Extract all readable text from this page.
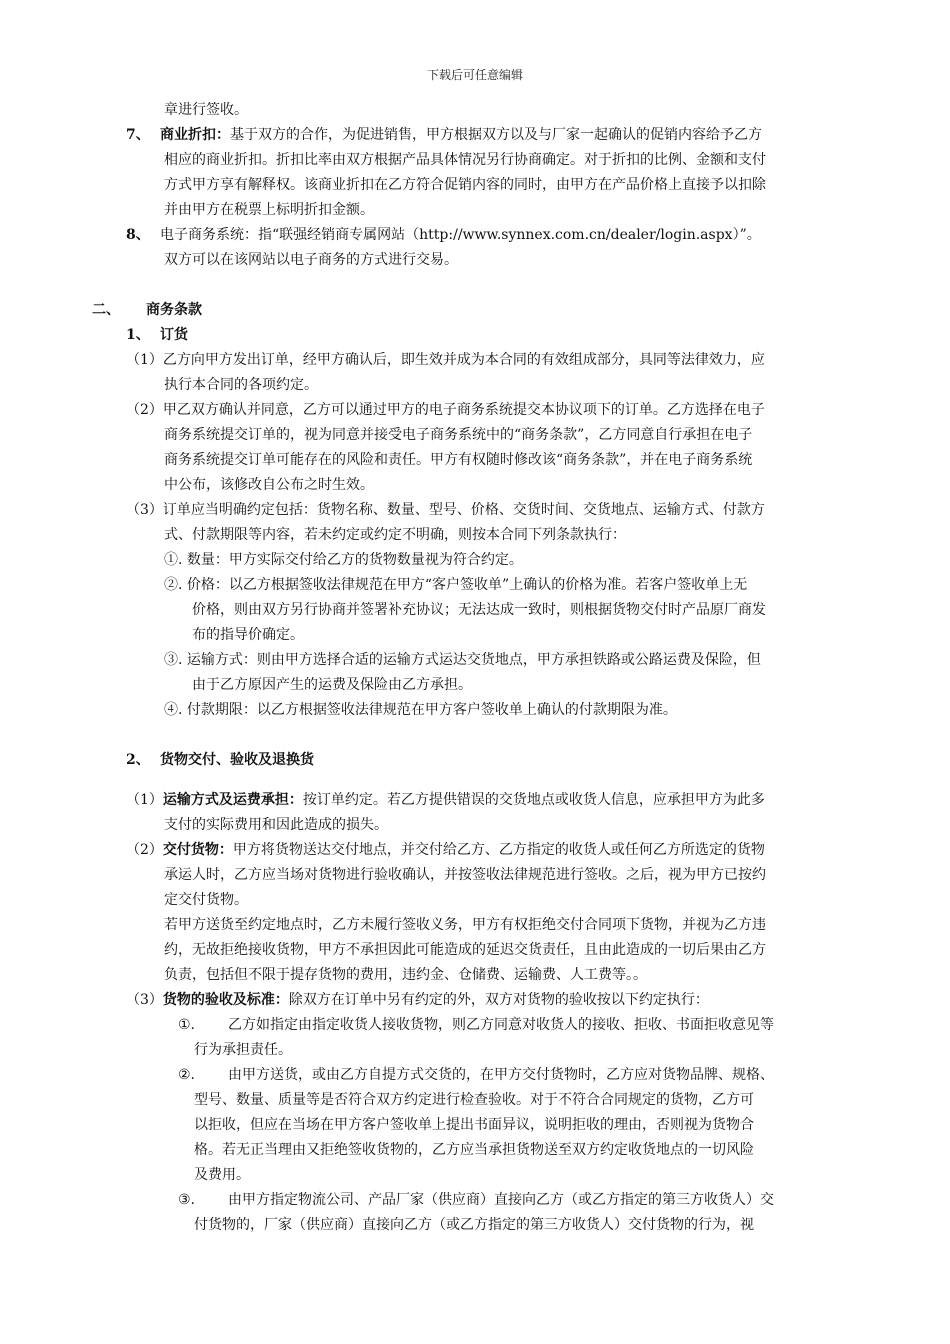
下载后可任意编辑
章进行签收。
7、 商业折扣：基于双方的合作，为促进销售，甲方根据双方以及与厂家一起确认的促销内容给予乙方
相应的商业折扣。折扣比率由双方根据产品具体情况另行协商确定。对于折扣的比例、金额和支付
方式甲方享有解释权。该商业折扣在乙方符合促销内容的同时，由甲方在产品价格上直接予以扣除
并由甲方在税票上标明折扣金额。
8、 电子商务系统：指“联强经销商专属网站（http://www.synnex.com.cn/dealer/login.aspx）”。
双方可以在该网站以电子商务的方式进行交易。
二、 商务条款
1、 订货
（1）乙方向甲方发出订单，经甲方确认后，即生效并成为本合同的有效组成部分，具同等法律效力，应
执行本合同的各项约定。
（2）甲乙双方确认并同意，乙方可以通过甲方的电子商务系统提交本协议项下的订单。乙方选择在电子
商务系统提交订单的，视为同意并接受电子商务系统中的“商务条款”，乙方同意自行承担在电子
商务系统提交订单可能存在的风险和责任。甲方有权随时修改该“商务条款”，并在电子商务系统
中公布，该修改自公布之时生效。
（3）订单应当明确约定包括：货物名称、数量、型号、价格、交货时间、交货地点、运输方式、付款方
式、付款期限等内容，若未约定或约定不明确，则按本合同下列条款执行：
①. 数量：甲方实际交付给乙方的货物数量视为符合约定。
②. 价格：以乙方根据签收法律规范在甲方“客户签收单”上确认的价格为准。若客户签收单上无
价格，则由双方另行协商并签署补充协议；无法达成一致时，则根据货物交付时产品原厂商发
布的指导价确定。
③. 运输方式：则由甲方选择合适的运输方式运达交货地点，甲方承担铁路或公路运费及保险，但
由于乙方原因产生的运费及保险由乙方承担。
④. 付款期限：以乙方根据签收法律规范在甲方客户签收单上确认的付款期限为准。
2、 货物交付、验收及退换货
（1）运输方式及运费承担：按订单约定。若乙方提供错误的交货地点或收货人信息，应承担甲方为此多
支付的实际费用和因此造成的损失。
（2）交付货物：甲方将货物送达交付地点，并交付给乙方、乙方指定的收货人或任何乙方所选定的货物
承运人时，乙方应当场对货物进行验收确认，并按签收法律规范进行签收。之后，视为甲方已按约
定交付货物。
若甲方送货至约定地点时，乙方未履行签收义务，甲方有权拒绝交付合同项下货物，并视为乙方违
约，无故拒绝接收货物，甲方不承担因此可能造成的延迟交货责任，且由此造成的一切后果由乙方
负责，包括但不限于提存货物的费用，违约金、仓储费、运输费、人工费等。。
（3）货物的验收及标准：除双方在订单中另有约定的外，双方对货物的验收按以下约定执行：
①. 乙方如指定由指定收货人接收货物，则乙方同意对收货人的接收、拒收、书面拒收意见等
行为承担责任。
②. 由甲方送货，或由乙方自提方式交货的，在甲方交付货物时，乙方应对货物品牌、规格、
型号、数量、质量等是否符合双方约定进行检查验收。对于不符合合同规定的货物，乙方可
以拒收，但应在当场在甲方客户签收单上提出书面异议，说明拒收的理由，否则视为货物合
格。若无正当理由又拒绝签收货物的，乙方应当承担货物送至双方约定收货地点的一切风险
及费用。
③. 由甲方指定物流公司、产品厂家（供应商）直接向乙方（或乙方指定的第三方收货人）交
付货物的，厂家（供应商）直接向乙方（或乙方指定的第三方收货人）交付货物的行为，视
